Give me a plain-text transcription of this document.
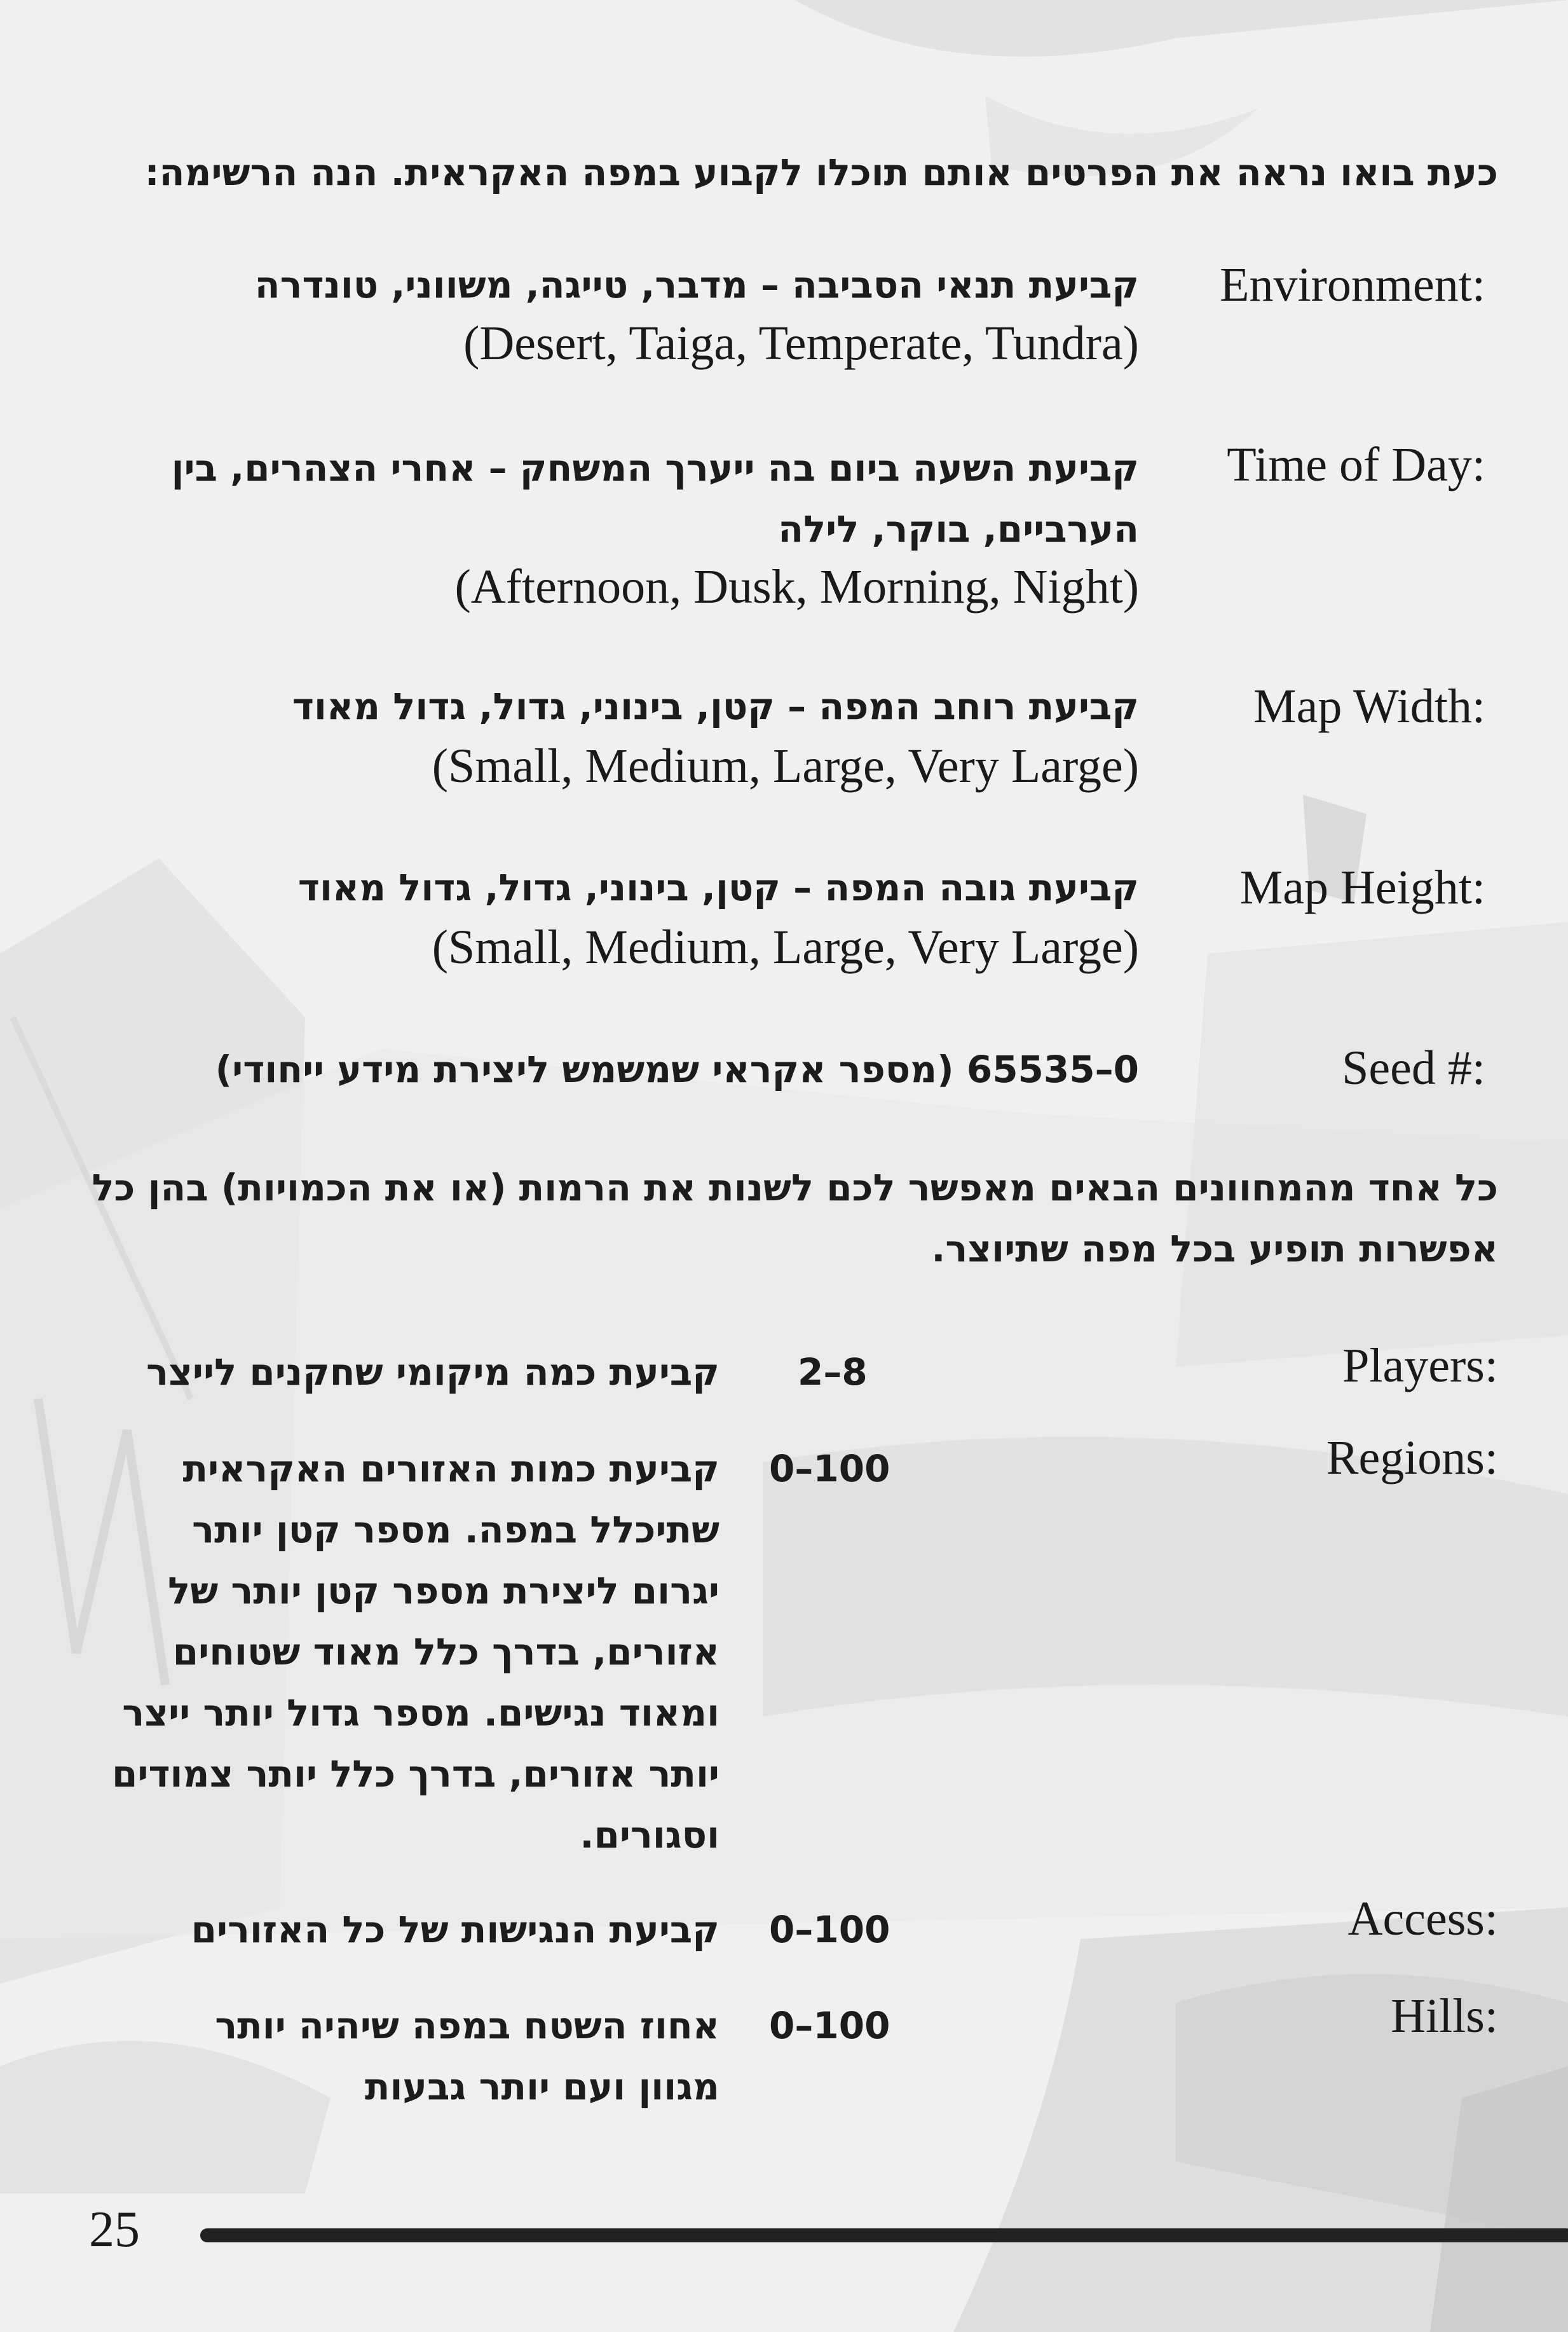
כעת בואו נראה את הפרטים אותם תוכלו לקבוע במפה האקראית. הנה הרשימה:
Environment:
קביעת תנאי הסביבה – מדבר, טייגה, משווני, טונדרה
(Desert, Taiga, Temperate, Tundra)
Time of Day:
קביעת השעה ביום בה ייערך המשחק – אחרי הצהרים, בין הערביים, בוקר, לילה
(Afternoon, Dusk, Morning, Night)
Map Width:
קביעת רוחב המפה – קטן, בינוני, גדול, גדול מאוד
(Small, Medium, Large, Very Large)
Map Height:
קביעת גובה המפה – קטן, בינוני, גדול, גדול מאוד
(Small, Medium, Large, Very Large)
Seed #:
0–65535 (מספר אקראי שמשמש ליצירת מידע ייחודי)
כל אחד מהמחוונים הבאים מאפשר לכם לשנות את הרמות (או את הכמויות) בהן כל אפשרות תופיע בכל מפה שתיוצר.
Players:
2–8
קביעת כמה מיקומי שחקנים לייצר
Regions:
0–100
קביעת כמות האזורים האקראית שתיכלל במפה. מספר קטן יותר יגרום ליצירת מספר קטן יותר של אזורים, בדרך כלל מאוד שטוחים ומאוד נגישים. מספר גדול יותר ייצר יותר אזורים, בדרך כלל יותר צמודים וסגורים.
Access:
0–100
קביעת הנגישות של כל האזורים
Hills:
0–100
אחוז השטח במפה שיהיה יותר מגוון ועם יותר גבעות
25
